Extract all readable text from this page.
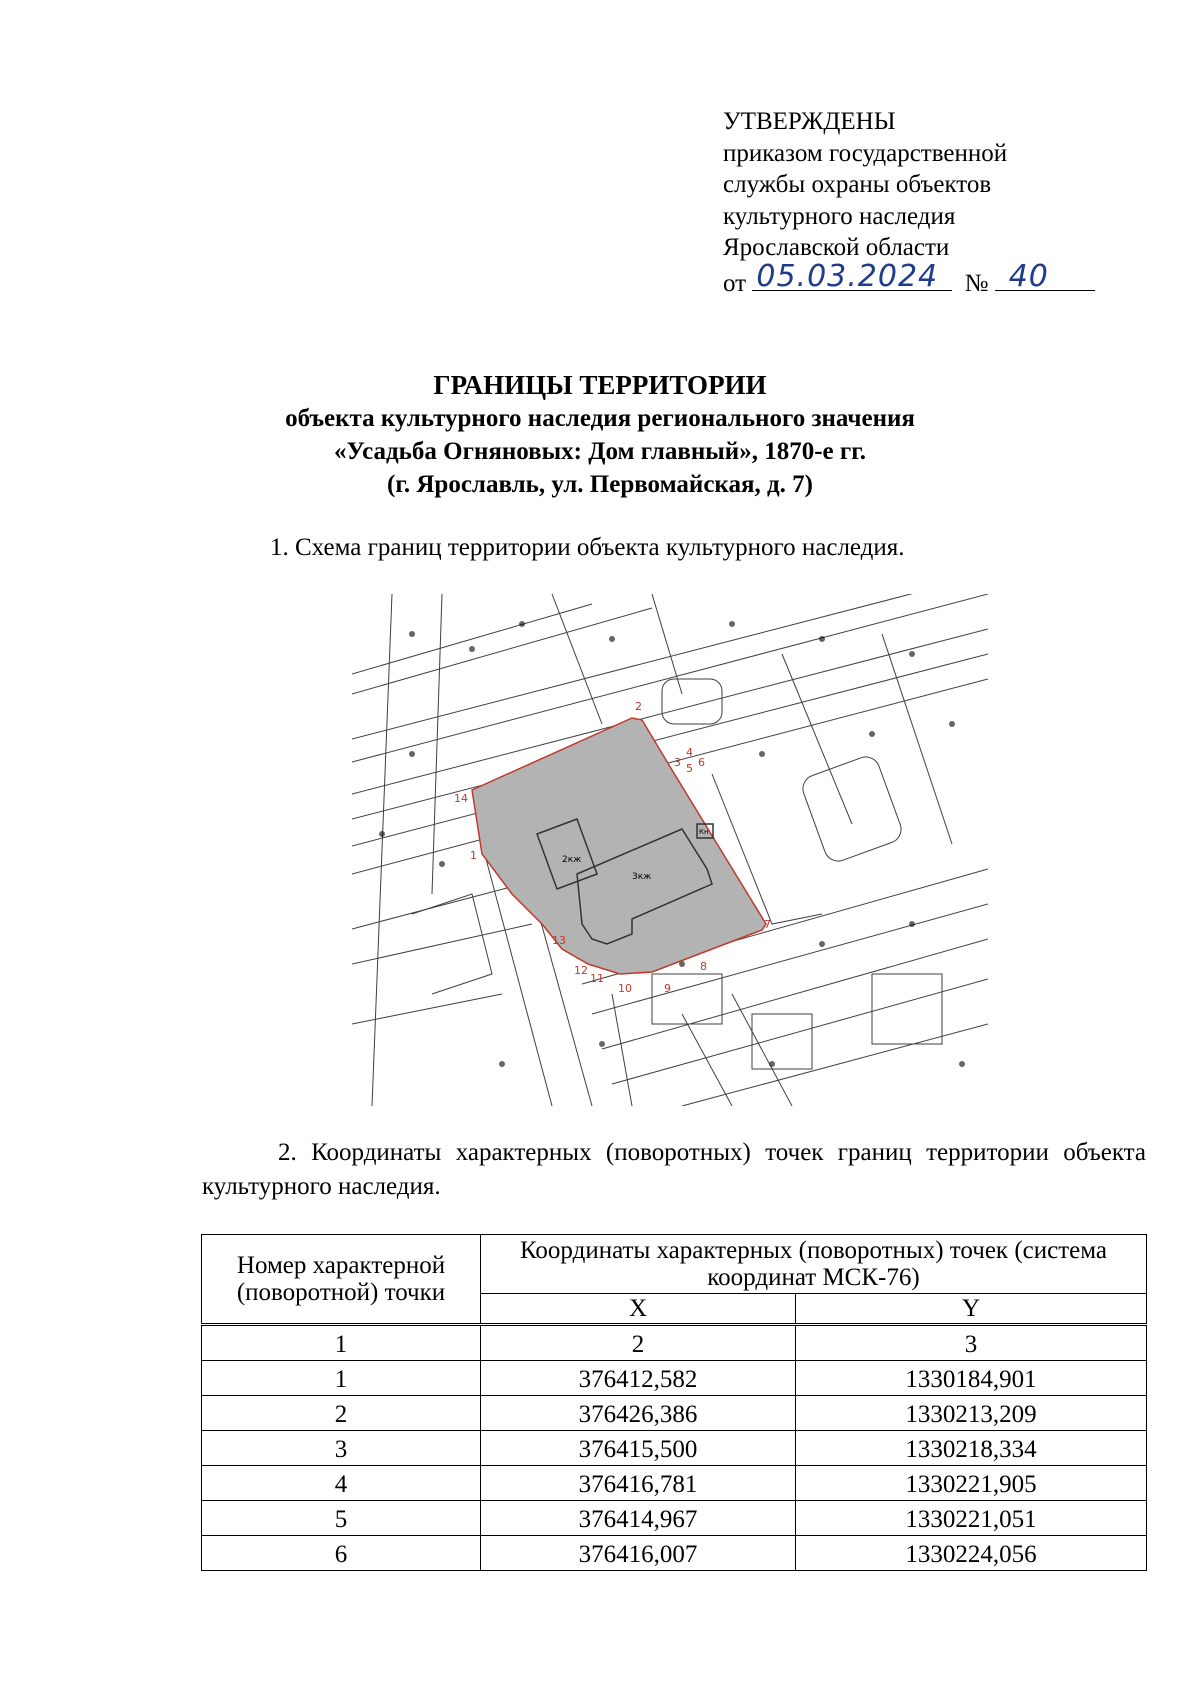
УТВЕРЖДЕНЫ
приказом государственной
службы охраны объектов
культурного наследия
Ярославской области
от 05.03.2024 № 40
ГРАНИЦЫ ТЕРРИТОРИИ
объекта культурного наследия регионального значения
«Усадьба Огняновых: Дом главный», 1870-е гг.
(г. Ярославль, ул. Первомайская, д. 7)
1. Схема границ территории объекта культурного наследия.
2кж
3кж
Кн
1
2
3
4
5 6
7
8
9
10
11
12
13
14
2. Координаты характерных (поворотных) точек границ территории объекта культурного наследия.
Номер характерной (поворотной) точки	Координаты характерных (поворотных) точек (система координат МСК-76)	
	X	Y
1	2	3
1	376412,582	1330184,901
2	376426,386	1330213,209
3	376415,500	1330218,334
4	376416,781	1330221,905
5	376414,967	1330221,051
6	376416,007	1330224,056
